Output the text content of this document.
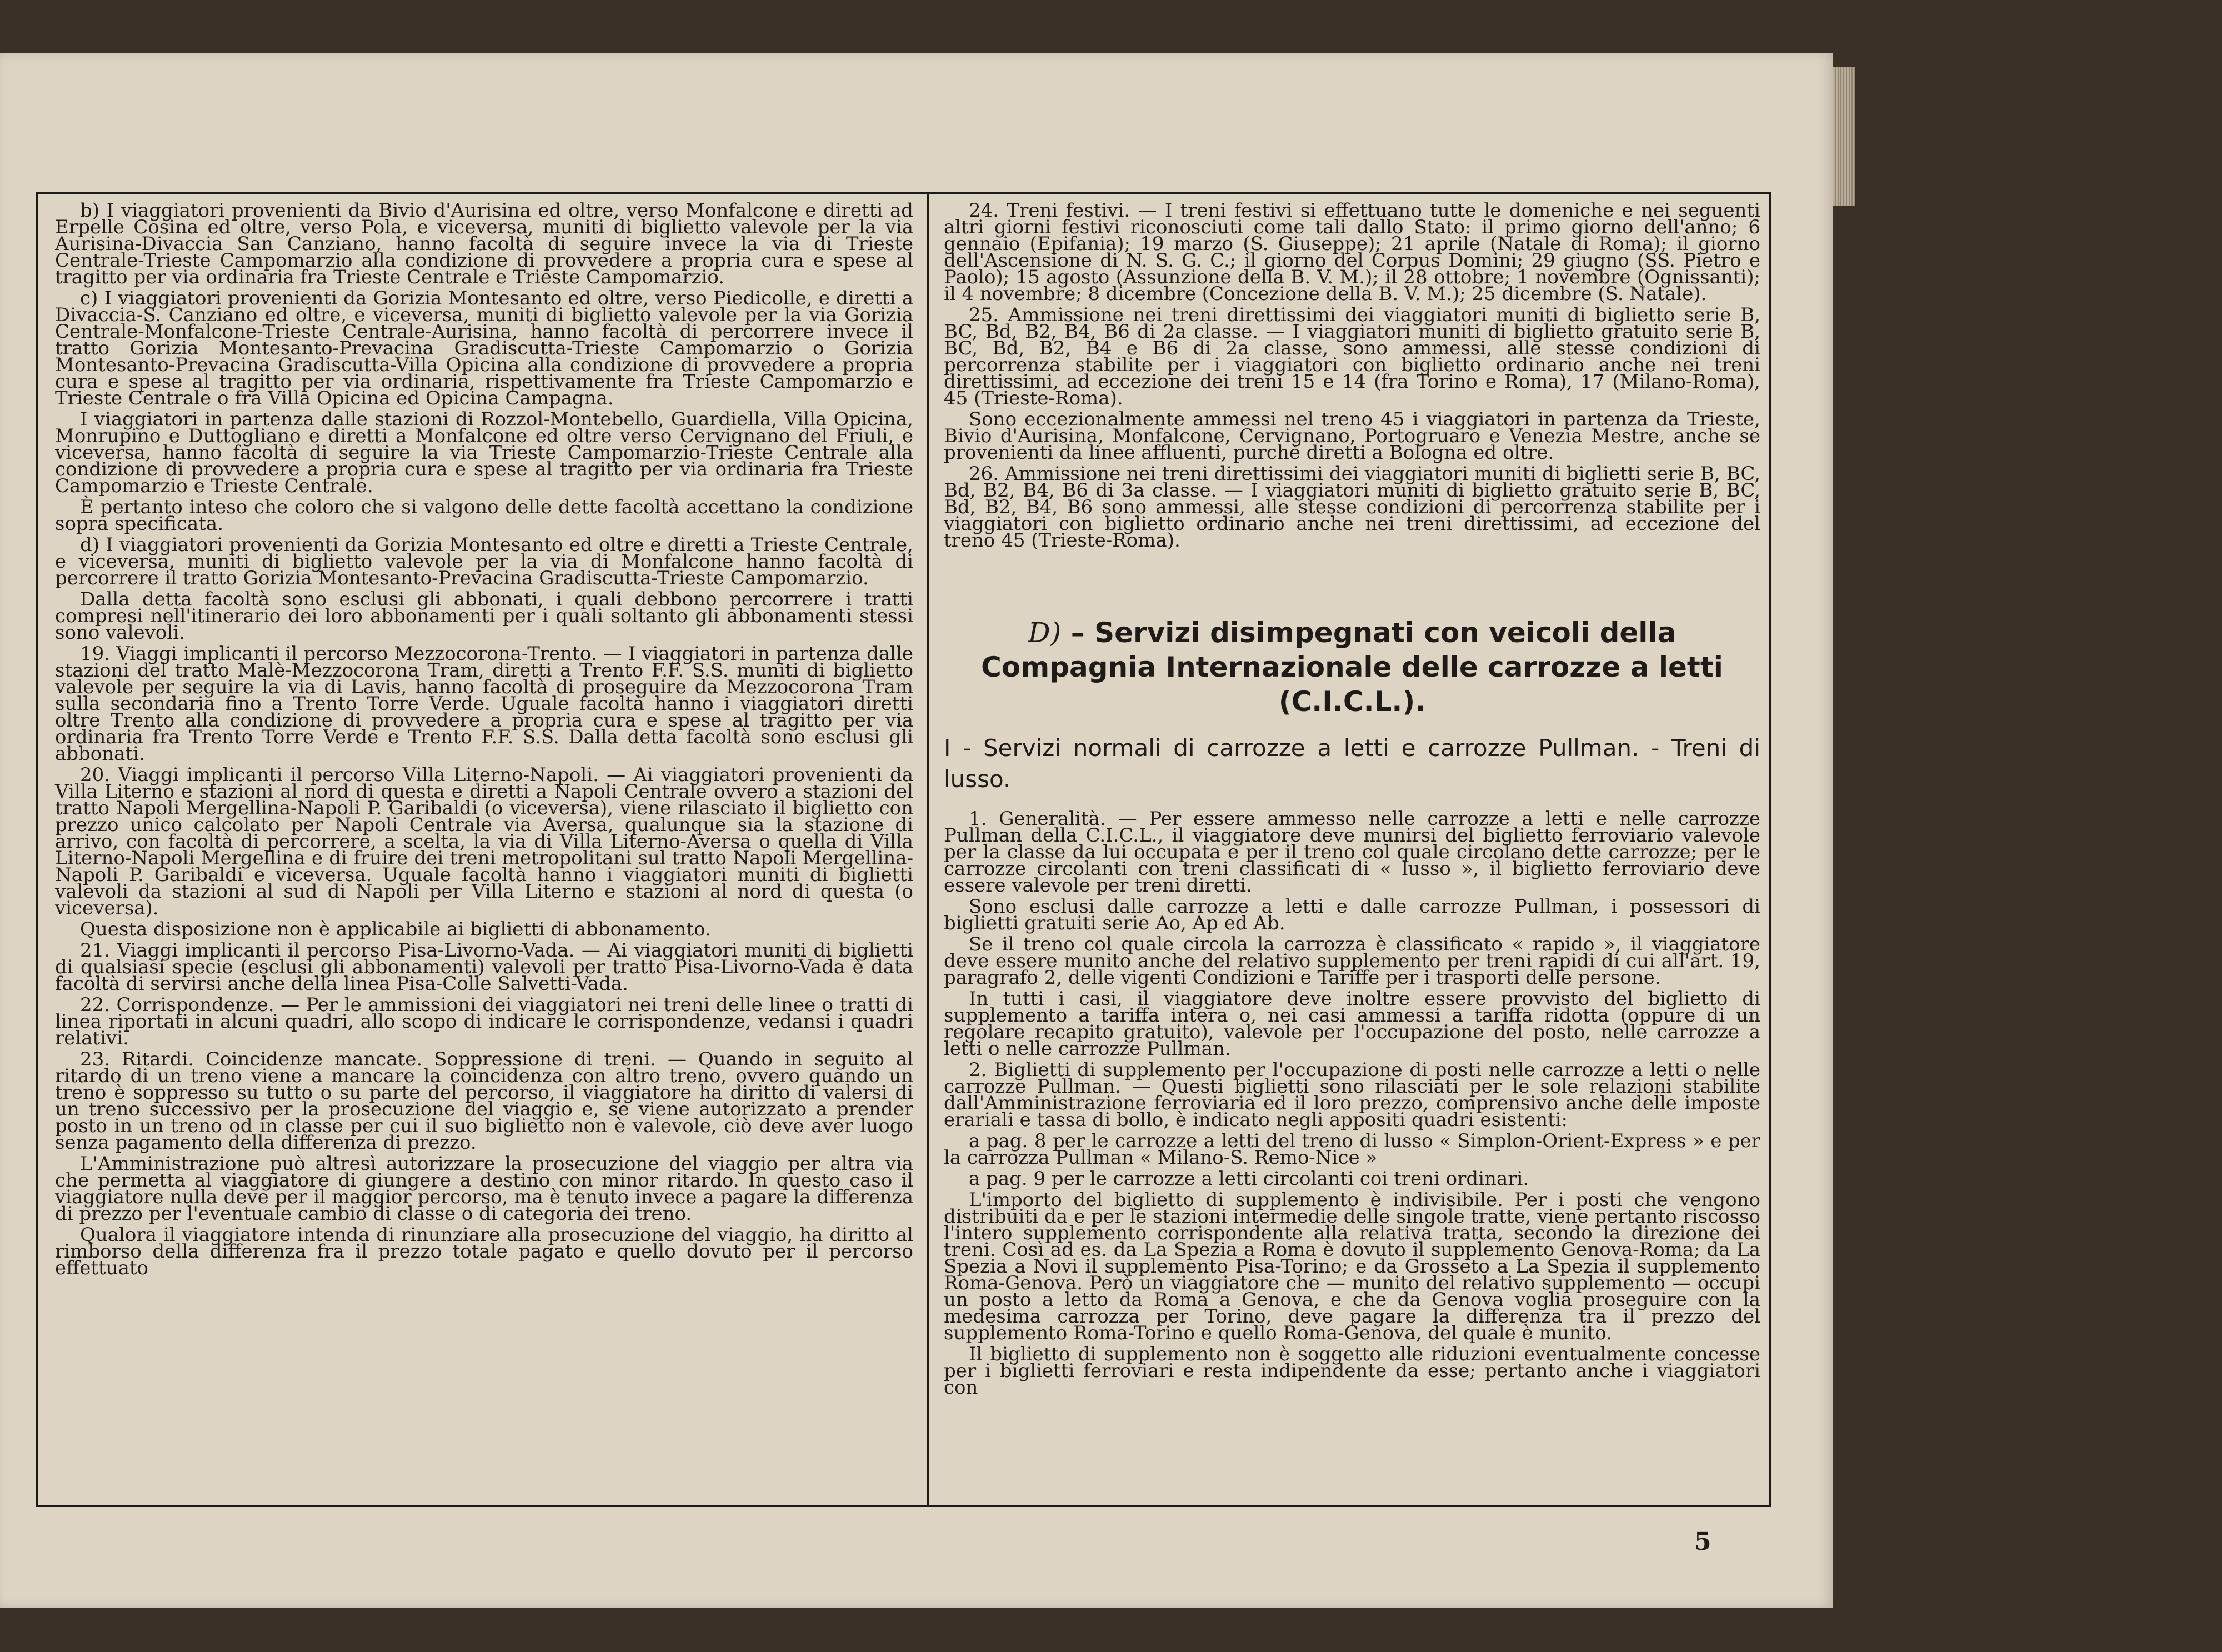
b) I viaggiatori provenienti da Bivio d'Aurisina ed oltre, verso Monfalcone e diretti ad Erpelle Cosina ed oltre, verso Pola, e viceversa, muniti di biglietto valevole per la via Aurisina-Divaccia San Canziano, hanno facoltà di seguire invece la via di Trieste Centrale-Trieste Campomarzio alla condizione di provvedere a propria cura e spese al tragitto per via ordinaria fra Trieste Centrale e Trieste Campomarzio.

c) I viaggiatori provenienti da Gorizia Montesanto ed oltre, verso Piedicolle, e diretti a Divaccia-S. Canziano ed oltre, e viceversa, muniti di biglietto valevole per la via Gorizia Centrale-Monfalcone-Trieste Centrale-Aurisina, hanno facoltà di percorrere invece il tratto Gorizia Montesanto-Prevacina Gradiscutta-Trieste Campomarzio o Gorizia Montesanto-Prevacina Gradiscutta-Villa Opicina alla condizione di provvedere a propria cura e spese al tragitto per via ordinaria, rispettivamente fra Trieste Campomarzio e Trieste Centrale o fra Villa Opicina ed Opicina Campagna.

I viaggiatori in partenza dalle stazioni di Rozzol-Montebello, Guardiella, Villa Opicina, Monrupino e Duttogliano e diretti a Monfalcone ed oltre verso Cervignano del Friuli, e viceversa, hanno facoltà di seguire la via Trieste Campomarzio-Trieste Centrale alla condizione di provvedere a propria cura e spese al tragitto per via ordinaria fra Trieste Campomarzio e Trieste Centrale.

È pertanto inteso che coloro che si valgono delle dette facoltà accettano la condizione sopra specificata.

d) I viaggiatori provenienti da Gorizia Montesanto ed oltre e diretti a Trieste Centrale, e viceversa, muniti di biglietto valevole per la via di Monfalcone hanno facoltà di percorrere il tratto Gorizia Montesanto-Prevacina Gradiscutta-Trieste Campomarzio.

Dalla detta facoltà sono esclusi gli abbonati, i quali debbono percorrere i tratti compresi nell'itinerario dei loro abbonamenti per i quali soltanto gli abbonamenti stessi sono valevoli.

19. Viaggi implicanti il percorso Mezzocorona-Trento. — I viaggiatori in partenza dalle stazioni del tratto Malè-Mezzocorona Tram, diretti a Trento F.F. S.S. muniti di biglietto valevole per seguire la via di Lavis, hanno facoltà di proseguire da Mezzocorona Tram sulla secondaria fino a Trento Torre Verde. Uguale facoltà hanno i viaggiatori diretti oltre Trento alla condizione di provvedere a propria cura e spese al tragitto per via ordinaria fra Trento Torre Verde e Trento F.F. S.S. Dalla detta facoltà sono esclusi gli abbonati.

20. Viaggi implicanti il percorso Villa Literno-Napoli. — Ai viaggiatori provenienti da Villa Literno e stazioni al nord di questa e diretti a Napoli Centrale ovvero a stazioni del tratto Napoli Mergellina-Napoli P. Garibaldi (o viceversa), viene rilasciato il biglietto con prezzo unico calcolato per Napoli Centrale via Aversa, qualunque sia la stazione di arrivo, con facoltà di percorrere, a scelta, la via di Villa Literno-Aversa o quella di Villa Literno-Napoli Mergellina e di fruire dei treni metropolitani sul tratto Napoli Mergellina-Napoli P. Garibaldi e viceversa. Uguale facoltà hanno i viaggiatori muniti di biglietti valevoli da stazioni al sud di Napoli per Villa Literno e stazioni al nord di questa (o viceversa).

Questa disposizione non è applicabile ai biglietti di abbonamento.

21. Viaggi implicanti il percorso Pisa-Livorno-Vada. — Ai viaggiatori muniti di biglietti di qualsiasi specie (esclusi gli abbonamenti) valevoli per tratto Pisa-Livorno-Vada è data facoltà di servirsi anche della linea Pisa-Colle Salvetti-Vada.

22. Corrispondenze. — Per le ammissioni dei viaggiatori nei treni delle linee o tratti di linea riportati in alcuni quadri, allo scopo di indicare le corrispondenze, vedansi i quadri relativi.

23. Ritardi. Coincidenze mancate. Soppressione di treni. — Quando in seguito al ritardo di un treno viene a mancare la coincidenza con altro treno, ovvero quando un treno è soppresso su tutto o su parte del percorso, il viaggiatore ha diritto di valersi di un treno successivo per la prosecuzione del viaggio e, se viene autorizzato a prender posto in un treno od in classe per cui il suo biglietto non è valevole, ciò deve aver luogo senza pagamento della differenza di prezzo.

L'Amministrazione può altresì autorizzare la prosecuzione del viaggio per altra via che permetta al viaggiatore di giungere a destino con minor ritardo. In questo caso il viaggiatore nulla deve per il maggior percorso, ma è tenuto invece a pagare la differenza di prezzo per l'eventuale cambio di classe o di categoria dei treno.

Qualora il viaggiatore intenda di rinunziare alla prosecuzione del viaggio, ha diritto al rimborso della differenza fra il prezzo totale pagato e quello dovuto per il percorso effettuato

24. Treni festivi. — I treni festivi si effettuano tutte le domeniche e nei seguenti altri giorni festivi riconosciuti come tali dallo Stato: il primo giorno dell'anno; 6 gennaio (Epifania); 19 marzo (S. Giuseppe); 21 aprile (Natale di Roma); il giorno dell'Ascensione di N. S. G. C.; il giorno del Corpus Domini; 29 giugno (SS. Pietro e Paolo); 15 agosto (Assunzione della B. V. M.); il 28 ottobre; 1 novembre (Ognissanti); il 4 novembre; 8 dicembre (Concezione della B. V. M.); 25 dicembre (S. Natale).

25. Ammissione nei treni direttissimi dei viaggiatori muniti di biglietto serie B, BC, Bd, B2, B4, B6 di 2a classe. — I viaggiatori muniti di biglietto gratuito serie B, BC, Bd, B2, B4 e B6 di 2a classe, sono ammessi, alle stesse condizioni di percorrenza stabilite per i viaggiatori con biglietto ordinario anche nei treni direttissimi, ad eccezione dei treni 15 e 14 (fra Torino e Roma), 17 (Milano-Roma), 45 (Trieste-Roma).

Sono eccezionalmente ammessi nel treno 45 i viaggiatori in partenza da Trieste, Bivio d'Aurisina, Monfalcone, Cervignano, Portogruaro e Venezia Mestre, anche se provenienti da linee affluenti, purchè diretti a Bologna ed oltre.

26. Ammissione nei treni direttissimi dei viaggiatori muniti di biglietti serie B, BC, Bd, B2, B4, B6 di 3a classe. — I viaggiatori muniti di biglietto gratuito serie B, BC, Bd, B2, B4, B6 sono ammessi, alle stesse condizioni di percorrenza stabilite per i viaggiatori con biglietto ordinario anche nei treni direttissimi, ad eccezione del treno 45 (Trieste-Roma).

D) – Servizi disimpegnati con veicoli della Compagnia Internazionale delle carrozze a letti (C.I.C.L.).
I - Servizi normali di carrozze a letti e carrozze Pullman. - Treni di lusso.

1. Generalità. — Per essere ammesso nelle carrozze a letti e nelle carrozze Pullman della C.I.C.L., il viaggiatore deve munirsi del biglietto ferroviario valevole per la classe da lui occupata e per il treno col quale circolano dette carrozze; per le carrozze circolanti con treni classificati di « lusso », il biglietto ferroviario deve essere valevole per treni diretti.

Sono esclusi dalle carrozze a letti e dalle carrozze Pullman, i possessori di biglietti gratuiti serie Ao, Ap ed Ab.

Se il treno col quale circola la carrozza è classificato « rapido », il viaggiatore deve essere munito anche del relativo supplemento per treni rapidi di cui all'art. 19, paragrafo 2, delle vigenti Condizioni e Tariffe per i trasporti delle persone.

In tutti i casi, il viaggiatore deve inoltre essere provvisto del biglietto di supplemento a tariffa intera o, nei casi ammessi a tariffa ridotta (oppure di un regolare recapito gratuito), valevole per l'occupazione del posto, nelle carrozze a letti o nelle carrozze Pullman.

2. Biglietti di supplemento per l'occupazione di posti nelle carrozze a letti o nelle carrozze Pullman. — Questi biglietti sono rilasciati per le sole relazioni stabilite dall'Amministrazione ferroviaria ed il loro prezzo, comprensivo anche delle imposte erariali e tassa di bollo, è indicato negli appositi quadri esistenti:

a pag. 8 per le carrozze a letti del treno di lusso « Simplon-Orient-Express » e per la carrozza Pullman « Milano-S. Remo-Nice »

a pag. 9 per le carrozze a letti circolanti coi treni ordinari.

L'importo del biglietto di supplemento è indivisibile. Per i posti che vengono distribuiti da e per le stazioni intermedie delle singole tratte, viene pertanto riscosso l'intero supplemento corrispondente alla relativa tratta, secondo la direzione dei treni. Così ad es. da La Spezia a Roma è dovuto il supplemento Genova-Roma; da La Spezia a Novi il supplemento Pisa-Torino; e da Grosseto a La Spezia il supplemento Roma-Genova. Però un viaggiatore che — munito del relativo supplemento — occupi un posto a letto da Roma a Genova, e che da Genova voglia proseguire con la medesima carrozza per Torino, deve pagare la differenza tra il prezzo del supplemento Roma-Torino e quello Roma-Genova, del quale è munito.

Il biglietto di supplemento non è soggetto alle riduzioni eventualmente concesse per i biglietti ferroviari e resta indipendente da esse; pertanto anche i viaggiatori con

5
